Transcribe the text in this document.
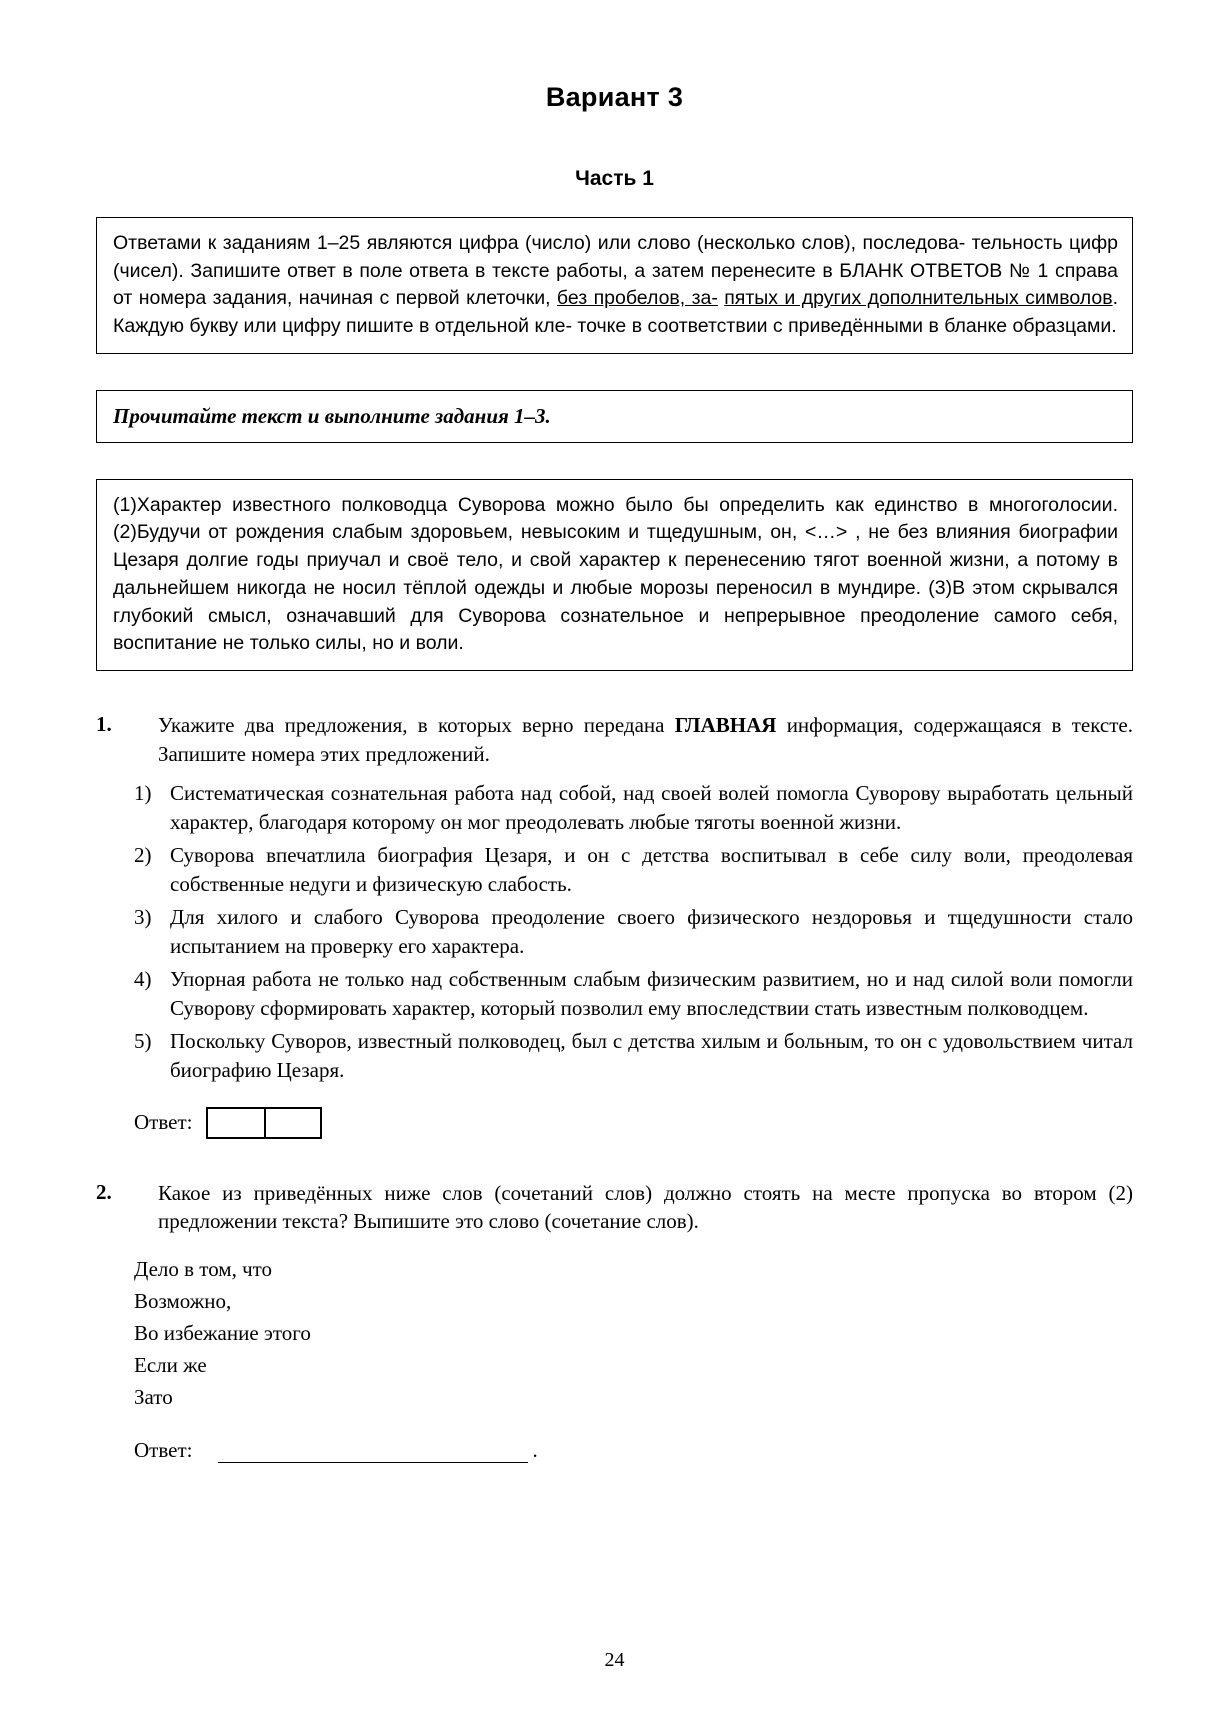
Вариант 3
Часть 1
Ответами к заданиям 1–25 являются цифра (число) или слово (несколько слов), последова- тельность цифр (чисел). Запишите ответ в поле ответа в тексте работы, а затем перенесите в БЛАНК ОТВЕТОВ № 1 справа от номера задания, начиная с первой клеточки, без пробелов, за- пятых и других дополнительных символов. Каждую букву или цифру пишите в отдельной кле- точке в соответствии с приведёнными в бланке образцами.
Прочитайте текст и выполните задания 1–3.
(1)Характер известного полководца Суворова можно было бы определить как единство в многоголосии. (2)Будучи от рождения слабым здоровьем, невысоким и тщедушным, он, <…> , не без влияния биографии Цезаря долгие годы приучал и своё тело, и свой характер к перенесению тягот военной жизни, а потому в дальнейшем никогда не носил тёплой одежды и любые морозы переносил в мундире. (3)В этом скрывался глубокий смысл, означавший для Суворова сознательное и непрерывное преодоление самого себя, воспитание не только силы, но и воли.
1.	Укажите два предложения, в которых верно передана ГЛАВНАЯ информация, содержащаяся в тексте. Запишите номера этих предложений.
1) Систематическая сознательная работа над собой, над своей волей помогла Суворову выработать цельный характер, благодаря которому он мог преодолевать любые тяготы военной жизни.
2) Суворова впечатлила биография Цезаря, и он с детства воспитывал в себе силу воли, преодолевая собственные недуги и физическую слабость.
3) Для хилого и слабого Суворова преодоление своего физического нездоровья и тщедушности стало испытанием на проверку его характера.
4) Упорная работа не только над собственным слабым физическим развитием, но и над силой воли помогли Суворову сформировать характер, который позволил ему впоследствии стать известным полководцем.
5) Поскольку Суворов, известный полководец, был с детства хилым и больным, то он с удовольствием читал биографию Цезаря.
Ответ:
2.	Какое из приведённых ниже слов (сочетаний слов) должно стоять на месте пропуска во втором (2) предложении текста? Выпишите это слово (сочетание слов).
Дело в том, что
Возможно,
Во избежание этого
Если же
Зато
Ответ:	.
24
